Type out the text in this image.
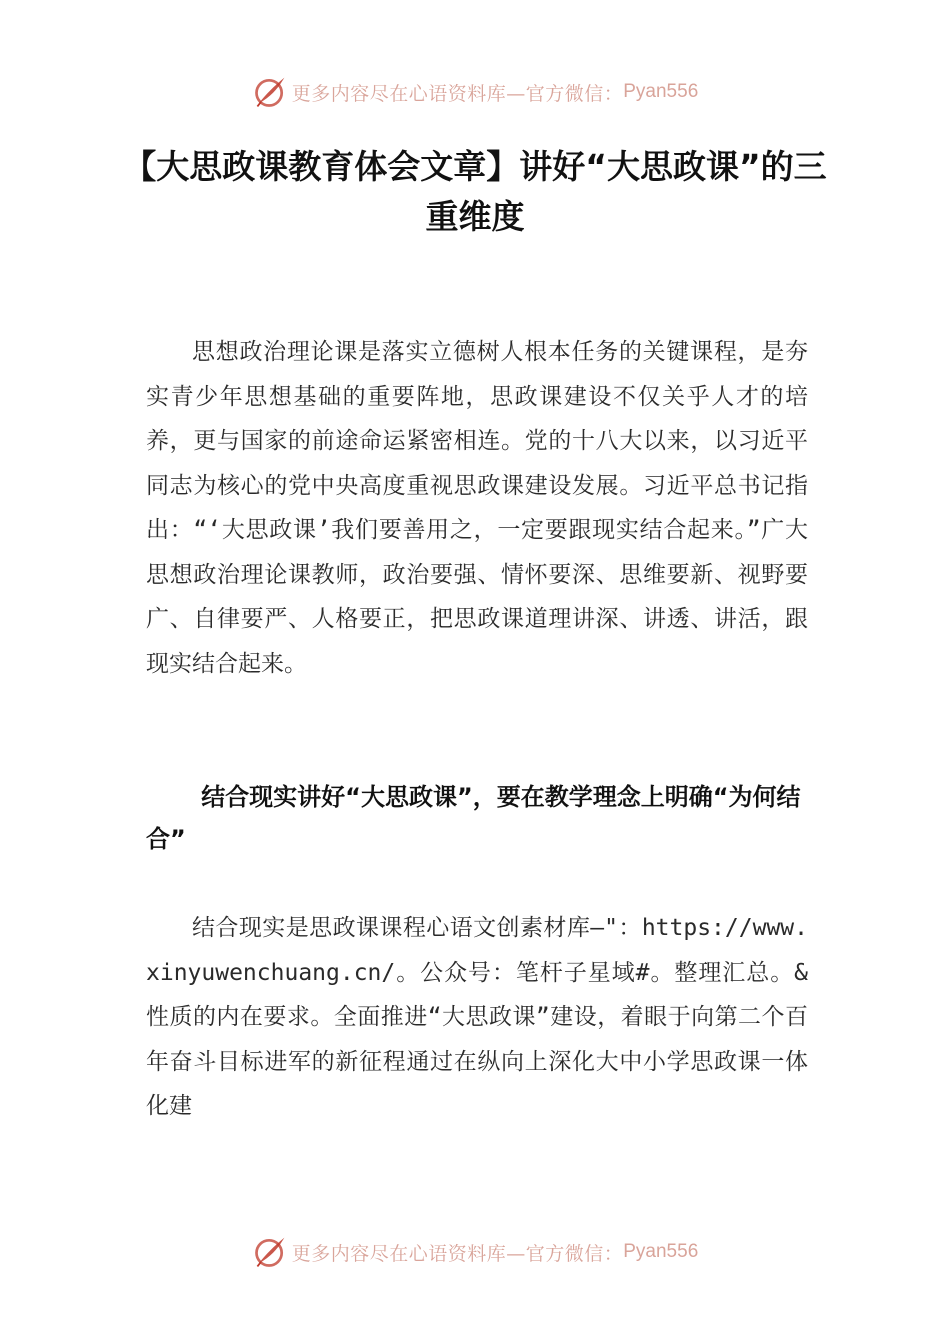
更多内容尽在心语资料库—官方微信： Pyan556
【大思政课教育体会文章】讲好“大思政课”的三重维度

思想政治理论课是落实立德树人根本任务的关键课程，是夯实青少年思想基础的重要阵地，思政课建设不仅关乎人才的培养，更与国家的前途命运紧密相连。党的十八大以来，以习近平同志为核心的党中央高度重视思政课建设发展。习近平总书记指出：“‘大思政课’我们要善用之，一定要跟现实结合起来。”广大思想政治理论课教师，政治要强、情怀要深、思维要新、视野要广、自律要严、人格要正，把思政课道理讲深、讲透、讲活，跟现实结合起来。

结合现实讲好“大思政课”，要在教学理念上明确“为何结合”

结合现实是思政课课程心语文创素材库—"：https://www.xinyuwenchuang.cn/。公众号：笔杆子星域#。整理汇总。&性质的内在要求。全面推进“大思政课”建设，着眼于向第二个百年奋斗目标进军的新征程通过在纵向上深化大中小学思政课一体化建

更多内容尽在心语资料库—官方微信： Pyan556
